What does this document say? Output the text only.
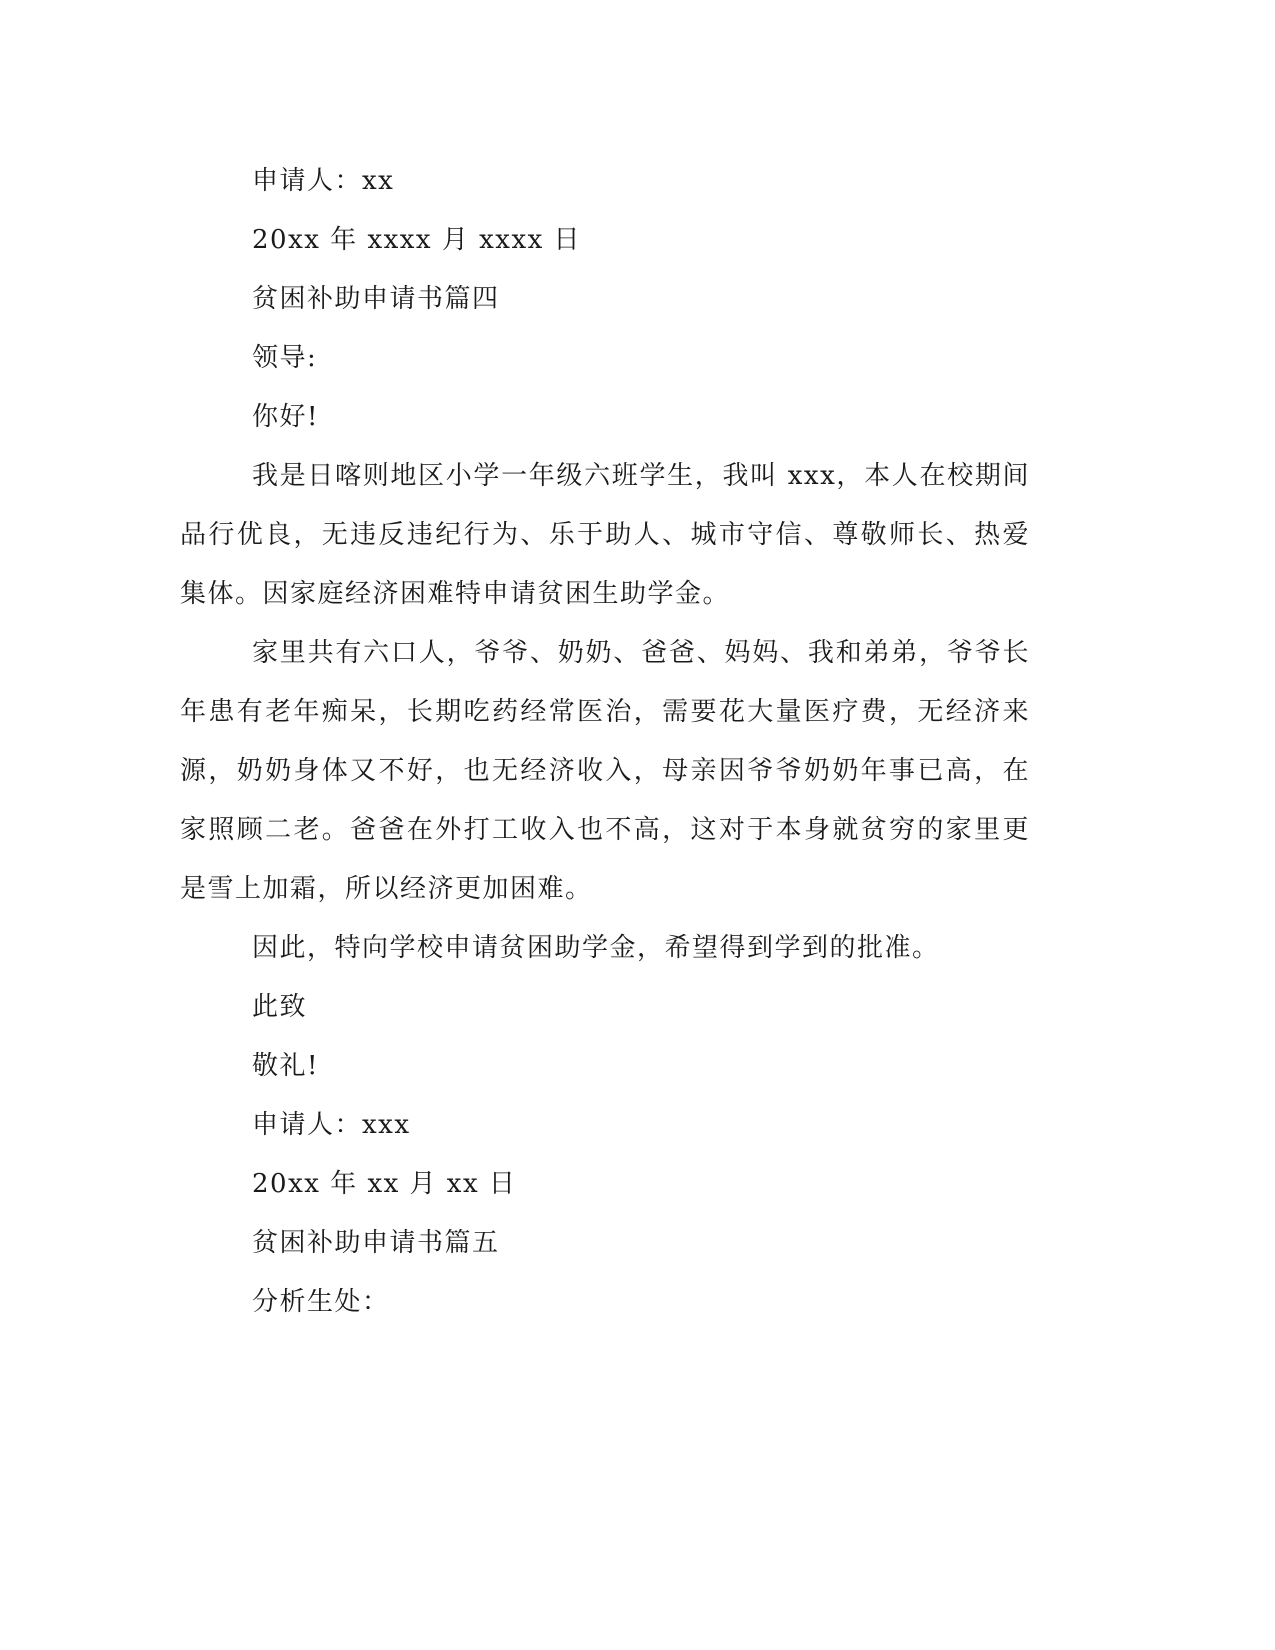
申请人：xx
20xx 年 xxxx 月 xxxx 日
贫困补助申请书篇四
领导:
你好!

我是日喀则地区小学一年级六班学生，我叫 xxx，本人在校期间品行优良，无违反违纪行为、乐于助人、城市守信、尊敬师长、热爱集体。因家庭经济困难特申请贫困生助学金。

家里共有六口人，爷爷、奶奶、爸爸、妈妈、我和弟弟，爷爷长年患有老年痴呆，长期吃药经常医治，需要花大量医疗费，无经济来源，奶奶身体又不好，也无经济收入，母亲因爷爷奶奶年事已高，在家照顾二老。爸爸在外打工收入也不高，这对于本身就贫穷的家里更是雪上加霜，所以经济更加困难。

因此，特向学校申请贫困助学金，希望得到学到的批准。
此致
敬礼!
申请人：xxx
20xx 年 xx 月 xx 日
贫困补助申请书篇五
分析生处：
